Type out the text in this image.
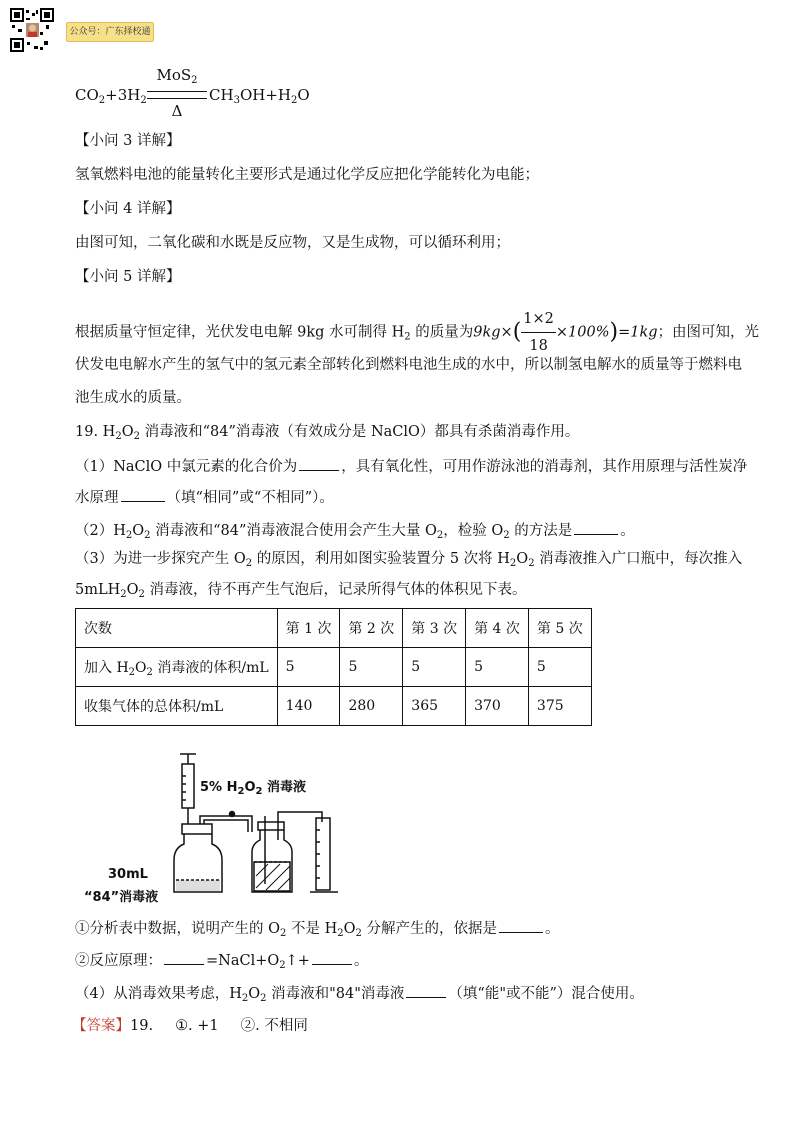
公众号：广东择校通
$CO_2+3H_2$
MoS$_2$
Δ
$CH_3OH+H_2O$
【小问 3 详解】
氢氧燃料电池的能量转化主要形式是通过化学反应把化学能转化为电能；
【小问 4 详解】
由图可知，二氧化碳和水既是反应物，又是生成物，可以循环利用；
【小问 5 详解】
根据质量守恒定律，光伏发电电解 9kg 水可制得 $H_2$ 的质量为$9kg\times( \frac{1\times 2}{18} \times 100\%)=1kg$；由图可知，光
伏发电电解水产生的氢气中的氢元素全部转化到燃料电池生成的水中，所以制氢电解水的质量等于燃料电
池生成水的质量。
19. $H_2O_2$ 消毒液和“84”消毒液（有效成分是 NaClO）都具有杀菌消毒作用。
（1）NaClO 中氯元素的化合价为	，具有氧化性，可用作游泳池的消毒剂，其作用原理与活性炭净
水原理	（填“相同”或“不相同”）。
$(2)H_2O_2$ 消毒液和“84”消毒液混合使用会产生大量 $O_2$，检验 $O_2$ 的方法是	。
（3）为进一步探究产生 $O_2$ 的原因，利用如图实验装置分 5 次将 $H_2O_2$ 消毒液推入广口瓶中，每次推入
$5mLH_2O_2$ 消毒液，待不再产生气泡后，记录所得气体的体积见下表。
次数	第 1 次	第 2 次	第 3 次	第 4 次	第 5 次
加入 $H_2O_2$ 消毒液的体积/mL	5	5	5	5	5
收集气体的总体积/mL	140	280	365	370	375
5% $H_2O_2$ 消毒液
30mL
“84”消毒液
①分析表中数据，说明产生的 $O_2$ 不是 $H_2O_2$ 分解产生的，依据是	。
②反应原理：	$=NaCl+O_2↑+$	。
（4）从消毒效果考虑，$H_2O_2$ 消毒液和"84"消毒液	（填“能"或不能”）混合使用。
【答案】19. ①. +1 ②. 不相同
